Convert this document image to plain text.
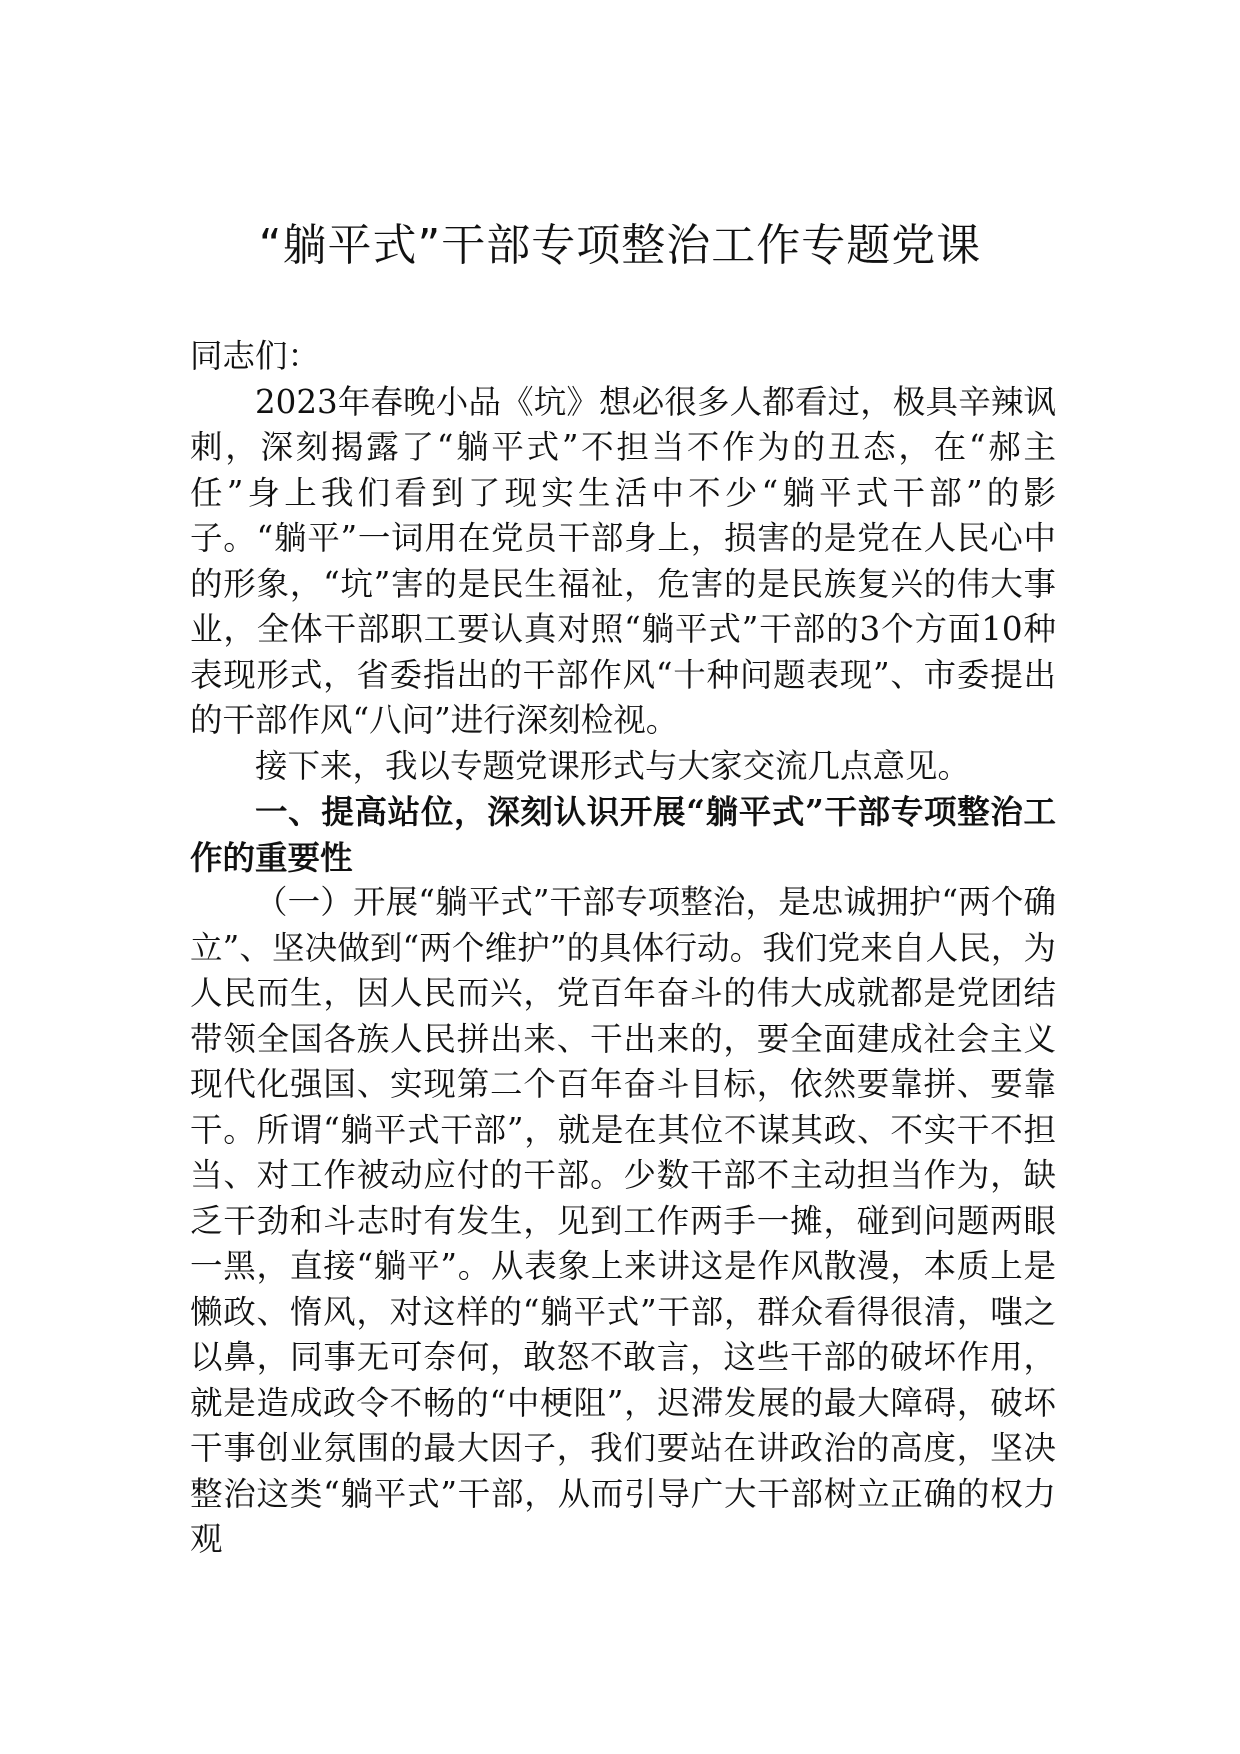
“躺平式”干部专项整治工作专题党课

同志们：

2023年春晚小品《坑》想必很多人都看过，极具辛辣讽刺，深刻揭露了“躺平式”不担当不作为的丑态，在“郝主任”身上我们看到了现实生活中不少“躺平式干部”的影子。“躺平”一词用在党员干部身上，损害的是党在人民心中的形象，“坑”害的是民生福祉，危害的是民族复兴的伟大事业，全体干部职工要认真对照“躺平式”干部的3个方面10种表现形式，省委指出的干部作风“十种问题表现”、市委提出的干部作风“八问”进行深刻检视。

接下来，我以专题党课形式与大家交流几点意见。

一、提高站位，深刻认识开展“躺平式”干部专项整治工作的重要性

（一）开展“躺平式”干部专项整治，是忠诚拥护“两个确立”、坚决做到“两个维护”的具体行动。我们党来自人民，为人民而生，因人民而兴，党百年奋斗的伟大成就都是党团结带领全国各族人民拼出来、干出来的，要全面建成社会主义现代化强国、实现第二个百年奋斗目标，依然要靠拼、要靠干。所谓“躺平式干部”，就是在其位不谋其政、不实干不担当、对工作被动应付的干部。少数干部不主动担当作为，缺乏干劲和斗志时有发生，见到工作两手一摊，碰到问题两眼一黑，直接“躺平”。从表象上来讲这是作风散漫，本质上是懒政、惰风，对这样的“躺平式”干部，群众看得很清，嗤之以鼻，同事无可奈何，敢怒不敢言，这些干部的破坏作用，就是造成政令不畅的“中梗阻”，迟滞发展的最大障碍，破坏干事创业氛围的最大因子，我们要站在讲政治的高度，坚决整治这类“躺平式”干部，从而引导广大干部树立正确的权力观
